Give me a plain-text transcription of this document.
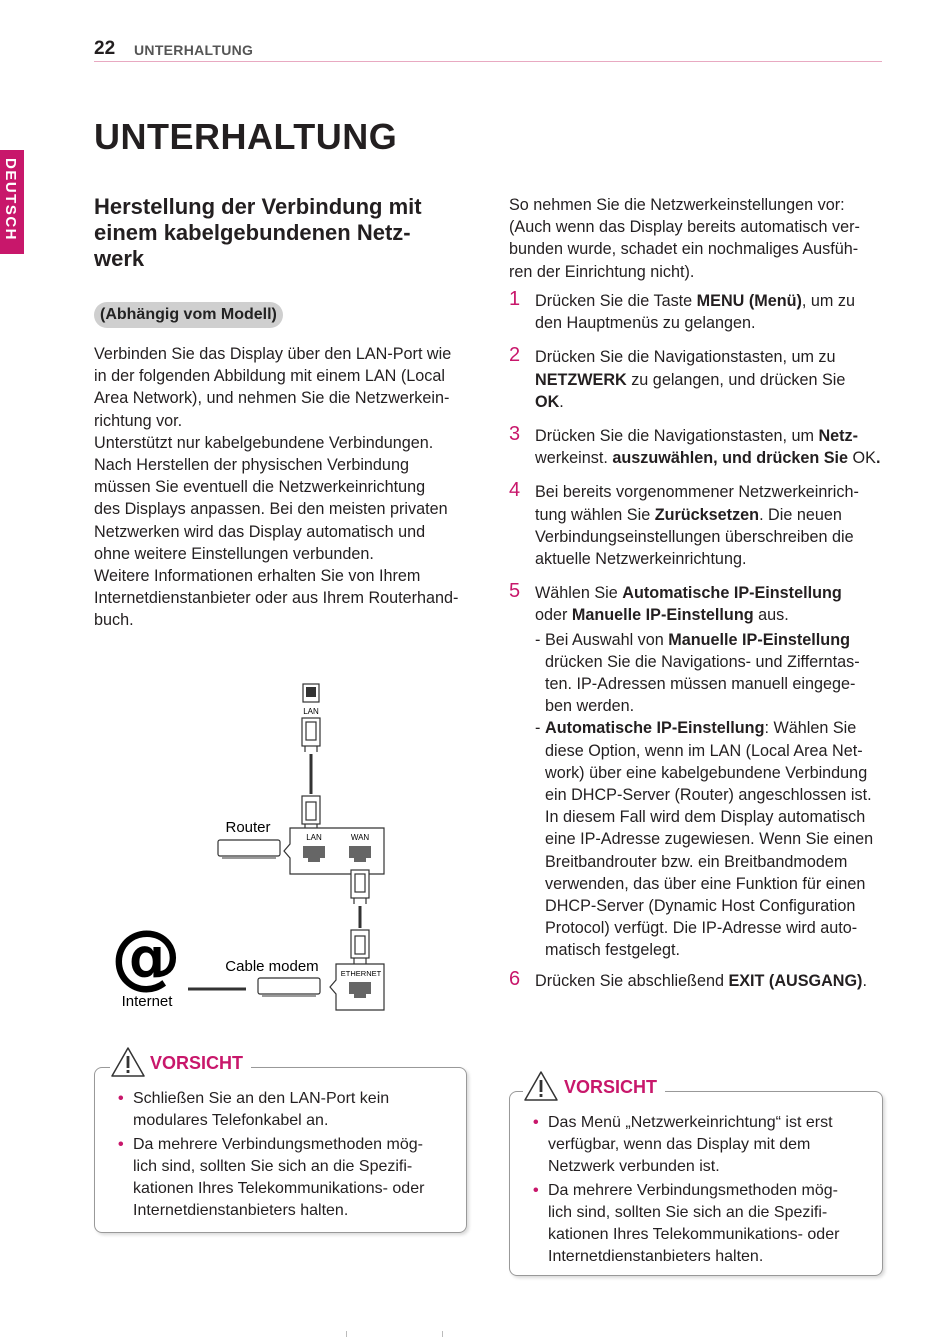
22 UNTERHALTUNG
DEUTSCH
UNTERHALTUNG
Herstellung der Verbindung mit
einem kabelgebundenen Netz-
werk
(Abhängig vom Modell)

Verbinden Sie das Display über den LAN-Port wie

in der folgenden Abbildung mit einem LAN (Local

Area Network), und nehmen Sie die Netzwerkein-

richtung vor.

Unterstützt nur kabelgebundene Verbindungen.

Nach Herstellen der physischen Verbindung

müssen Sie eventuell die Netzwerkeinrichtung

des Displays anpassen. Bei den meisten privaten

Netzwerken wird das Display automatisch und

ohne weitere Einstellungen verbunden.

Weitere Informationen erhalten Sie von Ihrem

Internetdienstanbieter oder aus Ihrem Routerhand-

buch.

LAN
LAN	WAN
Router
ETHERNET
Cable modem
@
Internet
VORSICHT
• Schließen Sie an den LAN-Port kein
modulares Telefonkabel an.
• Da mehrere Verbindungsmethoden mög-
lich sind, sollten Sie sich an die Spezifi-
kationen Ihres Telekommunikations- oder
Internetdienstanbieters halten.
So nehmen Sie die Netzwerkeinstellungen vor:
(Auch wenn das Display bereits automatisch ver-
bunden wurde, schadet ein nochmaliges Ausfüh-
ren der Einrichtung nicht).
1 Drücken Sie die Taste MENU (Menü), um zu
den Hauptmenüs zu gelangen.
2 Drücken Sie die Navigationstasten, um zu
NETZWERK zu gelangen, und drücken Sie
OK.
3 Drücken Sie die Navigationstasten, um Netz-
werkeinst. auszuwählen, und drücken Sie OK.
4 Bei bereits vorgenommener Netzwerkeinrich-
tung wählen Sie Zurücksetzen. Die neuen
Verbindungseinstellungen überschreiben die
aktuelle Netzwerkeinrichtung.
5 Wählen Sie Automatische IP-Einstellung
oder Manuelle IP-Einstellung aus.
- Bei Auswahl von Manuelle IP-Einstellung
drücken Sie die Navigations- und Zifferntas-
ten. IP-Adressen müssen manuell eingege-
ben werden.
- Automatische IP-Einstellung: Wählen Sie
diese Option, wenn im LAN (Local Area Net-
work) über eine kabelgebundene Verbindung
ein DHCP-Server (Router) angeschlossen ist.
In diesem Fall wird dem Display automatisch
eine IP-Adresse zugewiesen. Wenn Sie einen
Breitbandrouter bzw. ein Breitbandmodem
verwenden, das über eine Funktion für einen
DHCP-Server (Dynamic Host Configuration
Protocol) verfügt. Die IP-Adresse wird auto-
matisch festgelegt.
6 Drücken Sie abschließend EXIT (AUSGANG).
VORSICHT
• Das Menü „Netzwerkeinrichtung“ ist erst
verfügbar, wenn das Display mit dem
Netzwerk verbunden ist.
• Da mehrere Verbindungsmethoden mög-
lich sind, sollten Sie sich an die Spezifi-
kationen Ihres Telekommunikations- oder
Internetdienstanbieters halten.
